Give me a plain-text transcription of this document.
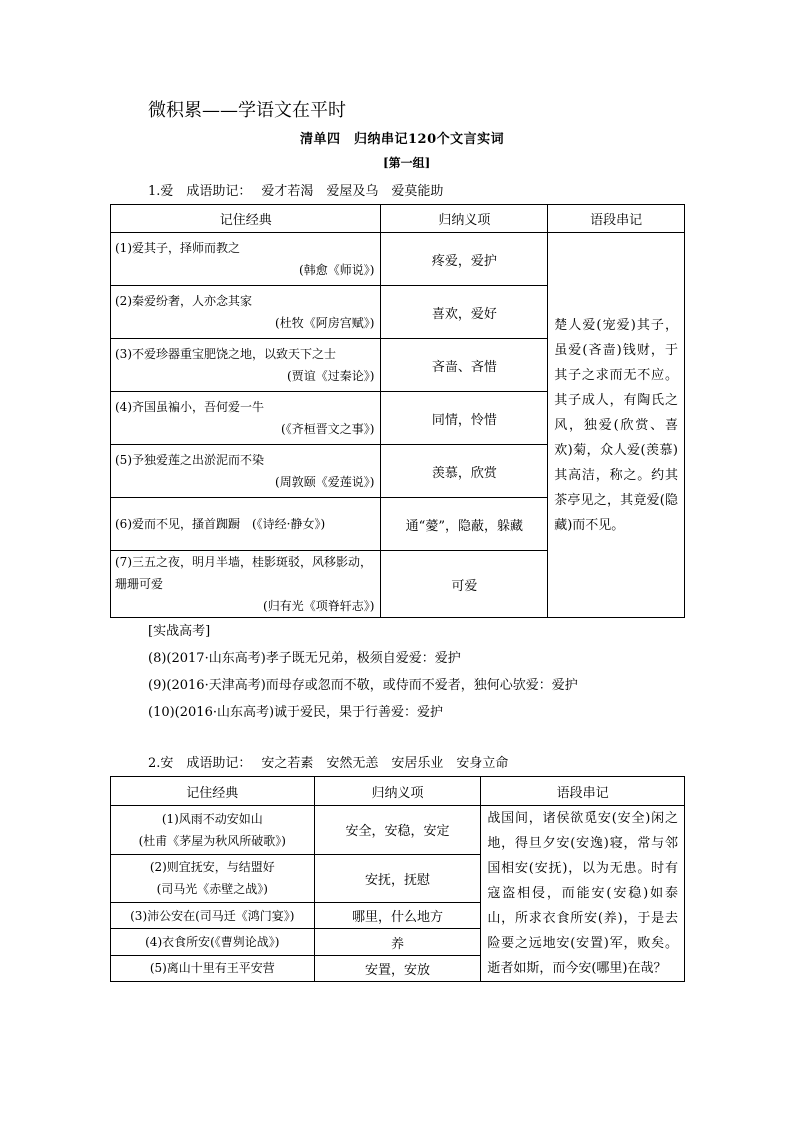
微积累——学语文在平时
清单四　归纳串记120个文言实词
[第一组]
1.爱　成语助记： 爱才若渴　爱屋及乌　爱莫能助
记住经典	归纳义项	语段串记

(1)爱其子，择师而教之
(韩愈《师说》)	疼爱，爱护	楚人爱(宠爱)其子，虽爱(吝啬)钱财，于其子之求而无不应。其子成人，有陶氏之风，独爱(欣赏、喜欢)菊，众人爱(羡慕)其高洁，称之。约其茶亭见之，其竟爱(隐藏)而不见。

(2)秦爱纷奢，人亦念其家
(杜牧《阿房宫赋》)	喜欢，爱好	

(3)不爱珍器重宝肥饶之地，以致天下之士
(贾谊《过秦论》)	吝啬、吝惜	

(4)齐国虽褊小，吾何爱一牛
(《齐桓晋文之事》)	同情，怜惜	

(5)予独爱莲之出淤泥而不染
(周敦颐《爱莲说》)	羡慕，欣赏	

(6)爱而不见，搔首踟蹰　(《诗经·静女》)	通“薆”，隐蔽，躲藏	

(7)三五之夜，明月半墙，桂影斑驳，风移影动，珊珊可爱
(归有光《项脊轩志》)	可爱	
[实战高考]
(8)(2017·山东高考)孝子既无兄弟，极须自爱爱：爱护
(9)(2016·天津高考)而母存或忽而不敬，或侍而不爱者，独何心欤爱：爱护
(10)(2016·山东高考)诚于爱民，果于行善爱：爱护
2.安　成语助记： 安之若素　安然无恙　安居乐业　安身立命
记住经典	归纳义项	语段串记

(1)风雨不动安如山
(杜甫《茅屋为秋风所破歌》)	安全，安稳，安定	战国间，诸侯欲觅安(安全)闲之地，得旦夕安(安逸)寝，常与邻国相安(安抚)，以为无患。时有寇盗相侵，而能安(安稳)如泰山，所求衣食所安(养)，于是去险要之远地安(安置)军，败矣。逝者如斯，而今安(哪里)在哉？

(2)则宜抚安，与结盟好
(司马光《赤壁之战》)	安抚，抚慰	
(3)沛公安在(司马迁《鸿门宴》)	哪里，什么地方	
(4)衣食所安(《曹刿论战》)	养	
(5)离山十里有王平安营	安置，安放	
